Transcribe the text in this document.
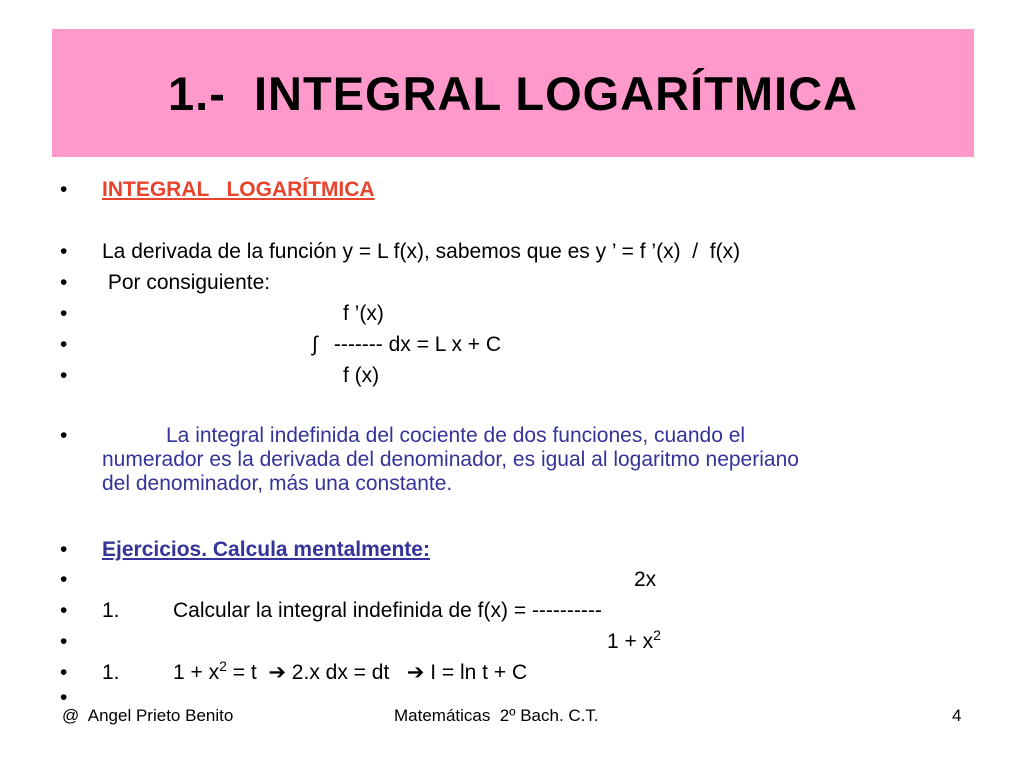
1.-  INTEGRAL LOGARÍTMICA

•

INTEGRAL   LOGARÍTMICA

•

La derivada de la función y = L f(x), sabemos que es y ’ = f ’(x)  /  f(x)

•

Por consiguiente:

•

	f ’(x)

•

	∫

------- dx = L x + C

•

	f (x)

•	La integral indefinida del cociente de dos funciones, cuando el
numerador es la derivada del denominador, es igual al logaritmo neperiano
del denominador, más una constante.

•

Ejercicios. Calcula mentalmente:

•

	2x

•

1.

	Calcular la integral indefinida de f(x) = ----------

•

	$1 + x^2$

•

1.

	$1 + x^2 = t$  ➔ 2.x dx = dt   ➔ I = ln t + C

•

@  Angel Prieto Benito	Matemáticas  2º Bach. C.T.	4
